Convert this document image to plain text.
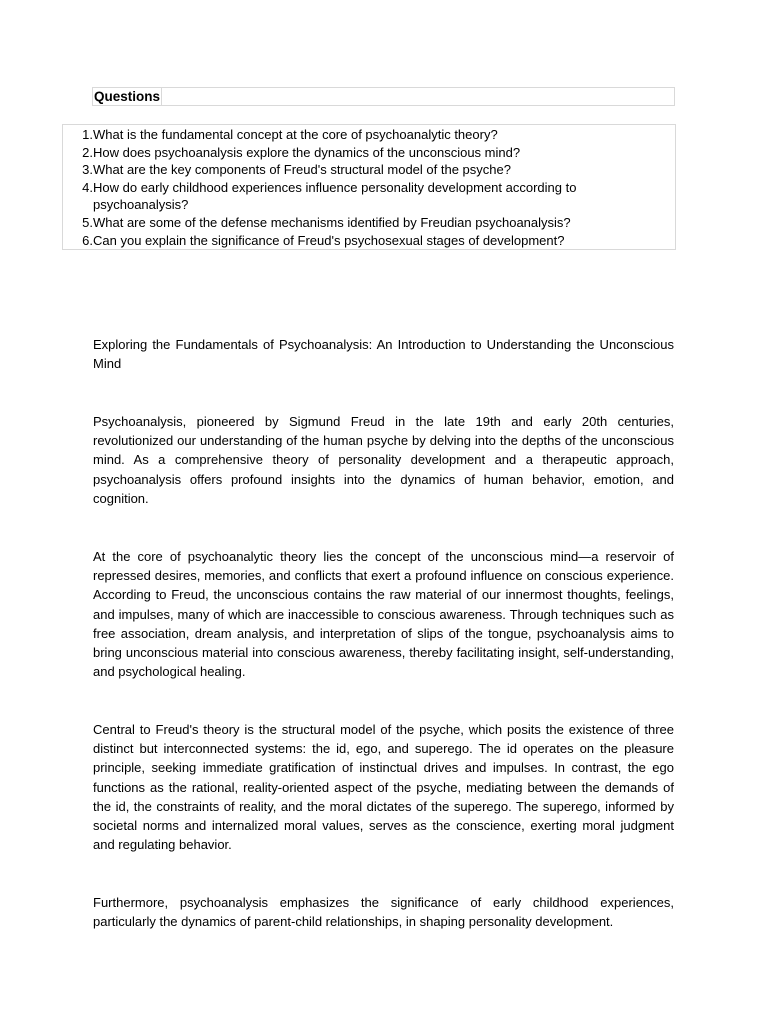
Questions
1. What is the fundamental concept at the core of psychoanalytic theory?
2. How does psychoanalysis explore the dynamics of the unconscious mind?
3. What are the key components of Freud's structural model of the psyche?
4. How do early childhood experiences influence personality development according to psychoanalysis?
5. What are some of the defense mechanisms identified by Freudian psychoanalysis?
6. Can you explain the significance of Freud's psychosexual stages of development?

Exploring the Fundamentals of Psychoanalysis: An Introduction to Understanding the Unconscious Mind

Psychoanalysis, pioneered by Sigmund Freud in the late 19th and early 20th centuries, revolutionized our understanding of the human psyche by delving into the depths of the unconscious mind. As a comprehensive theory of personality development and a therapeutic approach, psychoanalysis offers profound insights into the dynamics of human behavior, emotion, and cognition.

At the core of psychoanalytic theory lies the concept of the unconscious mind—a reservoir of repressed desires, memories, and conflicts that exert a profound influence on conscious experience. According to Freud, the unconscious contains the raw material of our innermost thoughts, feelings, and impulses, many of which are inaccessible to conscious awareness. Through techniques such as free association, dream analysis, and interpretation of slips of the tongue, psychoanalysis aims to bring unconscious material into conscious awareness, thereby facilitating insight, self-understanding, and psychological healing.

Central to Freud's theory is the structural model of the psyche, which posits the existence of three distinct but interconnected systems: the id, ego, and superego. The id operates on the pleasure principle, seeking immediate gratification of instinctual drives and impulses. In contrast, the ego functions as the rational, reality-oriented aspect of the psyche, mediating between the demands of the id, the constraints of reality, and the moral dictates of the superego. The superego, informed by societal norms and internalized moral values, serves as the conscience, exerting moral judgment and regulating behavior.

Furthermore, psychoanalysis emphasizes the significance of early childhood experiences, particularly the dynamics of parent-child relationships, in shaping personality development.
